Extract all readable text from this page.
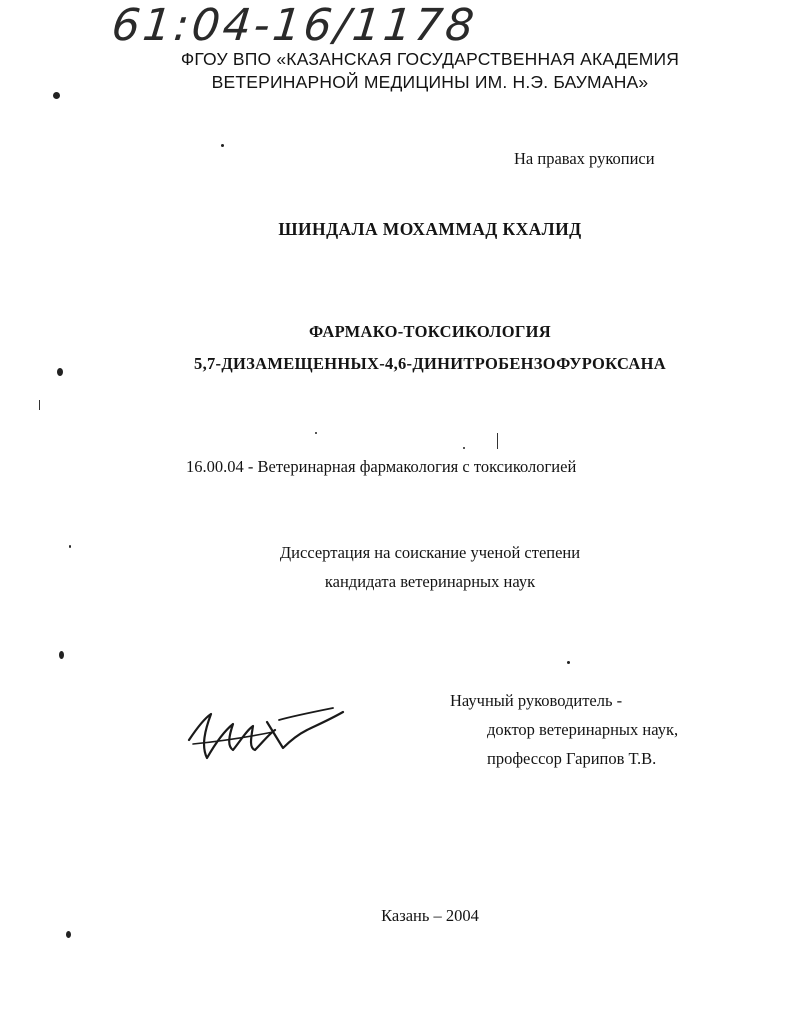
61:04-16/1178
ФГОУ ВПО «КАЗАНСКАЯ ГОСУДАРСТВЕННАЯ АКАДЕМИЯ
ВЕТЕРИНАРНОЙ МЕДИЦИНЫ ИМ. Н.Э. БАУМАНА»
На правах рукописи
ШИНДАЛА МОХАММАД КХАЛИД
ФАРМАКО-ТОКСИКОЛОГИЯ
5,7-ДИЗАМЕЩЕННЫХ-4,6-ДИНИТРОБЕНЗОФУРОКСАНА
16.00.04 - Ветеринарная фармакология с токсикологией
Диссертация на соискание ученой степени
кандидата ветеринарных наук
Научный руководитель -
доктор ветеринарных наук,
профессор Гарипов Т.В.
Казань – 2004
